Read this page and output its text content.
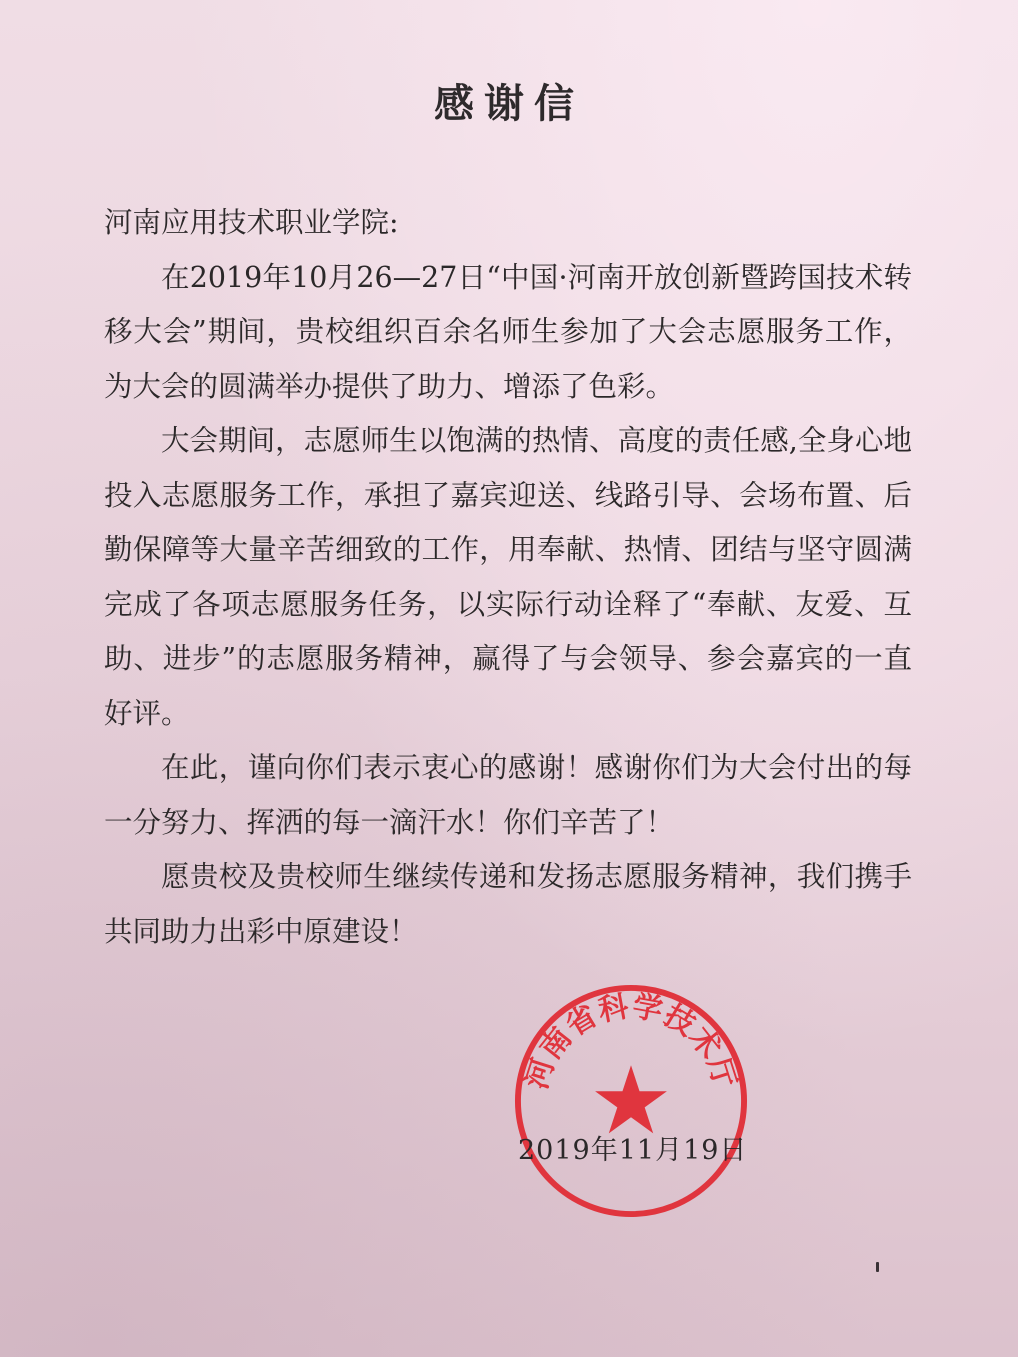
感谢信

河南应用技术职业学院:

在2019年10月26—27日“中国·河南开放创新暨跨国技术转移大会”期间，贵校组织百余名师生参加了大会志愿服务工作，为大会的圆满举办提供了助力、增添了色彩。

大会期间，志愿师生以饱满的热情、高度的责任感,全身心地投入志愿服务工作，承担了嘉宾迎送、线路引导、会场布置、后勤保障等大量辛苦细致的工作，用奉献、热情、团结与坚守圆满完成了各项志愿服务任务，以实际行动诠释了“奉献、友爱、互助、进步”的志愿服务精神，赢得了与会领导、参会嘉宾的一直好评。

在此，谨向你们表示衷心的感谢！感谢你们为大会付出的每一分努力、挥洒的每一滴汗水！你们辛苦了！

愿贵校及贵校师生继续传递和发扬志愿服务精神，我们携手共同助力出彩中原建设！

河南省科学技术厅
2019年11月19日
